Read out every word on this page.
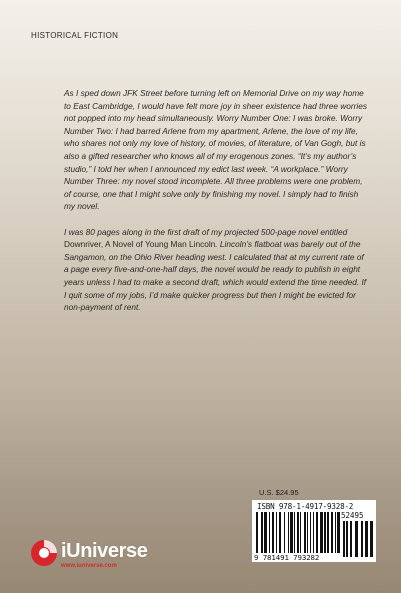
HISTORICAL FICTION

As I sped down JFK Street before turning left on Memorial Drive on my way home to East Cambridge, I would have felt more joy in sheer existence had three worries not popped into my head simultaneously. Worry Number One: I was broke. Worry Number Two: I had barred Arlene from my apartment, Arlene, the love of my life, who shares not only my love of history, of movies, of literature, of Van Gogh, but is also a gifted researcher who knows all of my erogenous zones. “It’s my author’s studio,” I told her when I announced my edict last week. “A workplace.” Worry Number Three: my novel stood incomplete. All three problems were one problem, of course, one that I might solve only by finishing my novel. I simply had to finish my novel.

I was 80 pages along in the first draft of my projected 500-page novel entitled Downriver, A Novel of Young Man Lincoln. Lincoln’s flatboat was barely out of the Sangamon, on the Ohio River heading west. I calculated that at my current rate of a page every five-and-one-half days, the novel would be ready to publish in eight years unless I had to make a second draft, which would extend the time needed. If I quit some of my jobs, I’d make quicker progress but then I might be evicted for non-payment of rent.

U.S. $24.95
ISBN 978-1-4917-9328-2
52495
9 781491 793282
iUniverse
www.iuniverse.com
